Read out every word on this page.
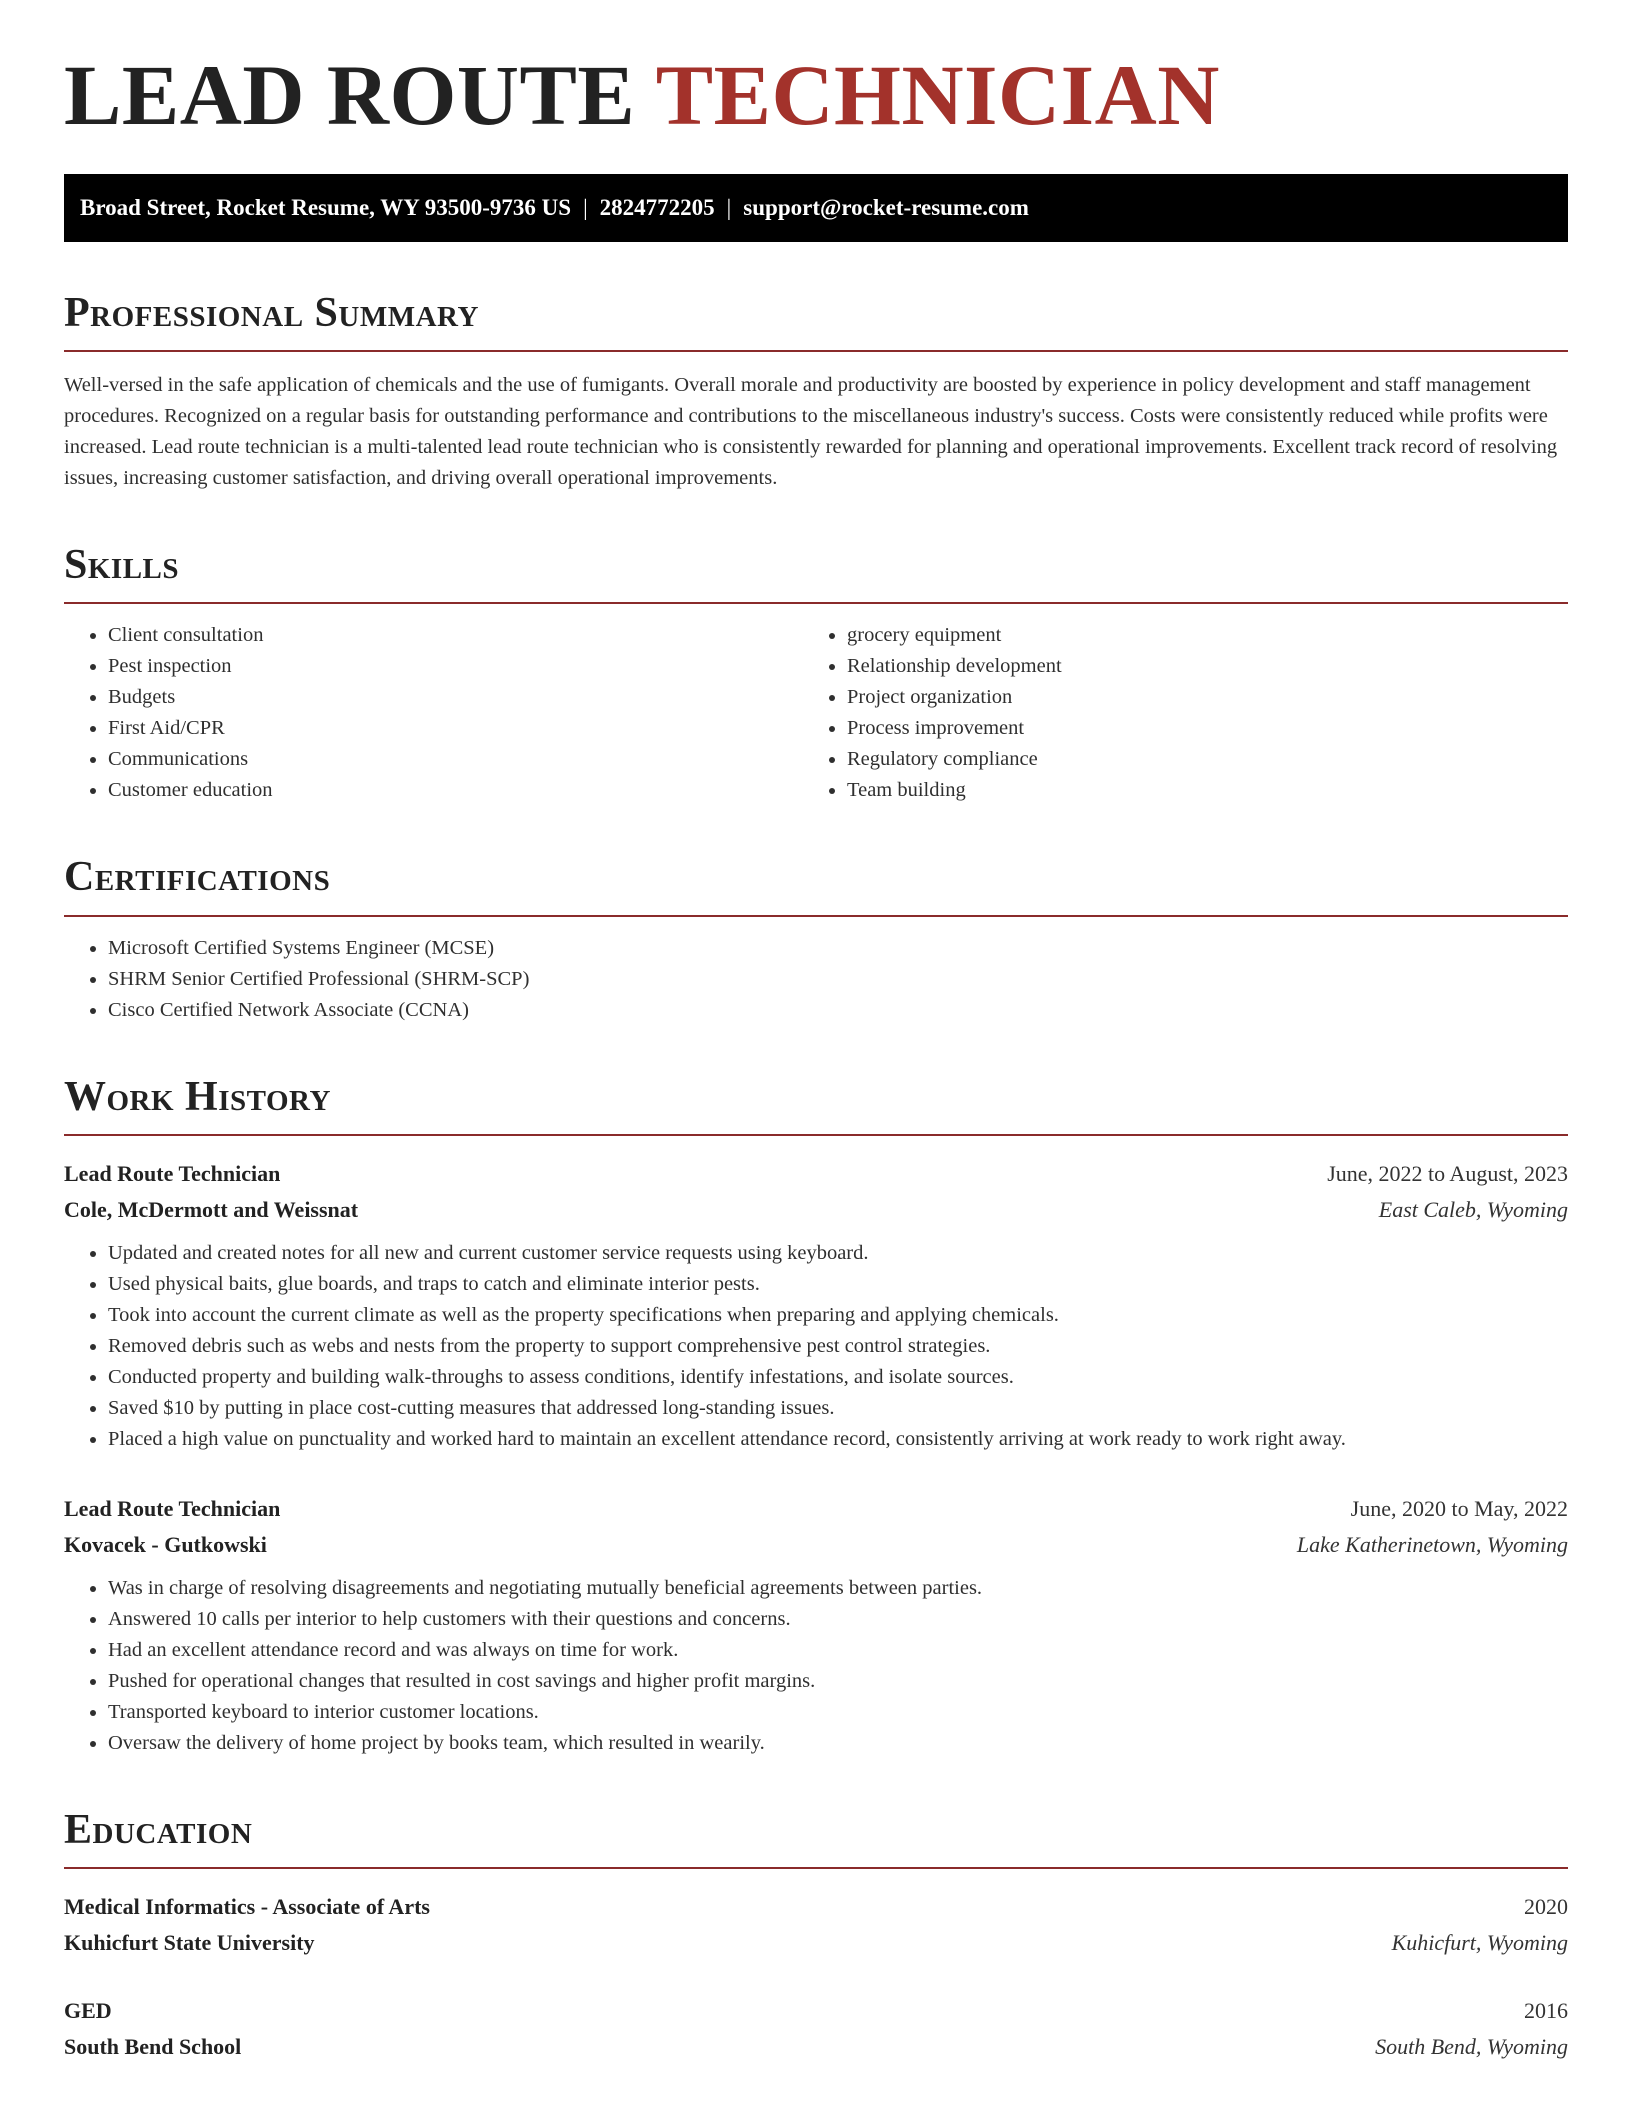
LEAD ROUTE TECHNICIAN
Broad Street, Rocket Resume, WY 93500-9736 US | 2824772205 | support@rocket-resume.com
Professional Summary

Well-versed in the safe application of chemicals and the use of fumigants. Overall morale and productivity are boosted by experience in policy development and staff management procedures. Recognized on a regular basis for outstanding performance and contributions to the miscellaneous industry's success. Costs were consistently reduced while profits were increased. Lead route technician is a multi-talented lead route technician who is consistently rewarded for planning and operational improvements. Excellent track record of resolving issues, increasing customer satisfaction, and driving overall operational improvements.

Skills
• Client consultation
• Pest inspection
• Budgets
• First Aid/CPR
• Communications
• Customer education
• grocery equipment
• Relationship development
• Project organization
• Process improvement
• Regulatory compliance
• Team building
Certifications
• Microsoft Certified Systems Engineer (MCSE)
• SHRM Senior Certified Professional (SHRM-SCP)
• Cisco Certified Network Associate (CCNA)
Work History
Lead Route Technician	June, 2022 to August, 2023
Cole, McDermott and Weissnat	East Caleb, Wyoming
• Updated and created notes for all new and current customer service requests using keyboard.
• Used physical baits, glue boards, and traps to catch and eliminate interior pests.
• Took into account the current climate as well as the property specifications when preparing and applying chemicals.
• Removed debris such as webs and nests from the property to support comprehensive pest control strategies.
• Conducted property and building walk-throughs to assess conditions, identify infestations, and isolate sources.
• Saved $10 by putting in place cost-cutting measures that addressed long-standing issues.
• Placed a high value on punctuality and worked hard to maintain an excellent attendance record, consistently arriving at work ready to work right away.
Lead Route Technician	June, 2020 to May, 2022
Kovacek - Gutkowski	Lake Katherinetown, Wyoming
• Was in charge of resolving disagreements and negotiating mutually beneficial agreements between parties.
• Answered 10 calls per interior to help customers with their questions and concerns.
• Had an excellent attendance record and was always on time for work.
• Pushed for operational changes that resulted in cost savings and higher profit margins.
• Transported keyboard to interior customer locations.
• Oversaw the delivery of home project by books team, which resulted in wearily.
Education
Medical Informatics - Associate of Arts	2020
Kuhicfurt State University	Kuhicfurt, Wyoming
GED	2016
South Bend School	South Bend, Wyoming
